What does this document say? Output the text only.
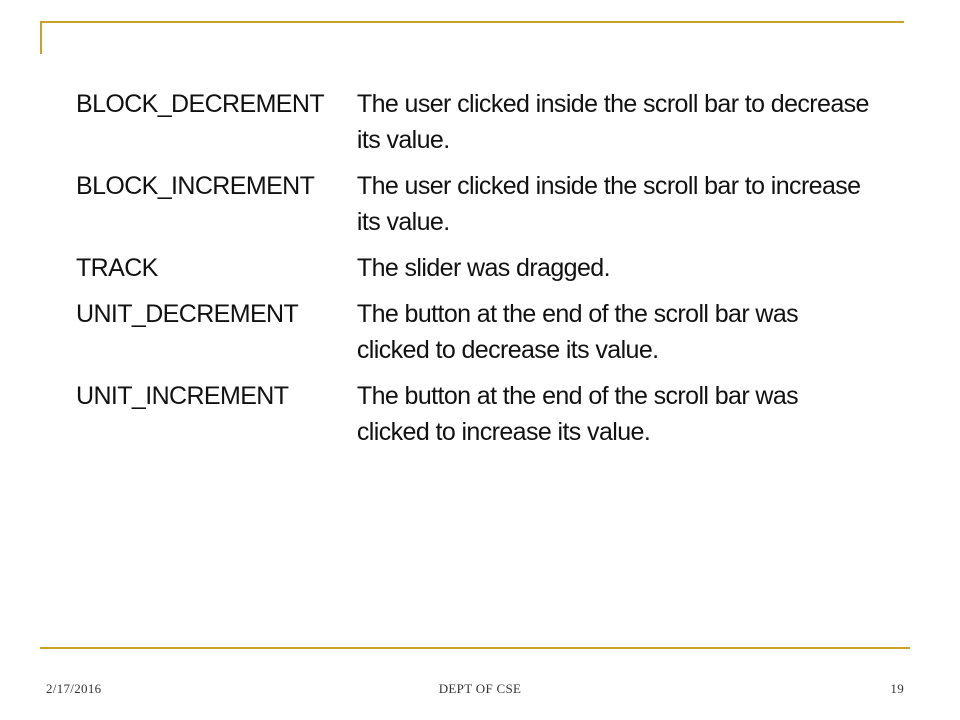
BLOCK_DECREMENT	The user clicked inside the scroll bar to decrease its value.
BLOCK_INCREMENT	The user clicked inside the scroll bar to increase its value.
TRACK	The slider was dragged.
UNIT_DECREMENT	The button at the end of the scroll bar was clicked to decrease its value.
UNIT_INCREMENT	The button at the end of the scroll bar was clicked to increase its value.
2/17/2016	DEPT OF CSE	19
